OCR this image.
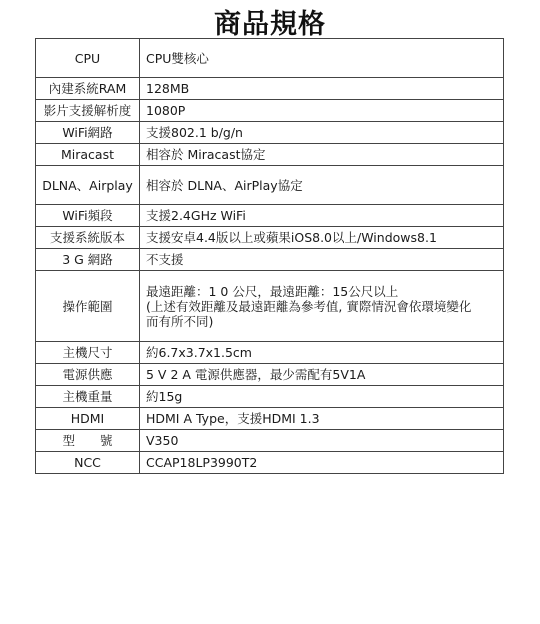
商品規格
CPU	CPU雙核心
內建系統RAM	128MB
影片支援解析度	1080P
WiFi網路	支援802.1 b/g/n
Miracast	相容於 Miracast協定
DLNA、Airplay	相容於 DLNA、AirPlay協定
WiFi頻段	支援2.4GHz WiFi
支援系統版本	支援安卓4.4版以上或蘋果iOS8.0以上/Windows8.1
3 G 網路	不支援
操作範圍	最遠距離：1 0 公尺，最遠距離：15公尺以上
(上述有效距離及最遠距離為參考值, 實際情況會依環境變化
而有所不同)

主機尺寸	約6.7x3.7x1.5cm
電源供應	5 V 2 A 電源供應器，最少需配有5V1A
主機重量	約15g
HDMI	HDMI A Type，支援HDMI 1.3
型　　號	V350
NCC	CCAP18LP3990T2
